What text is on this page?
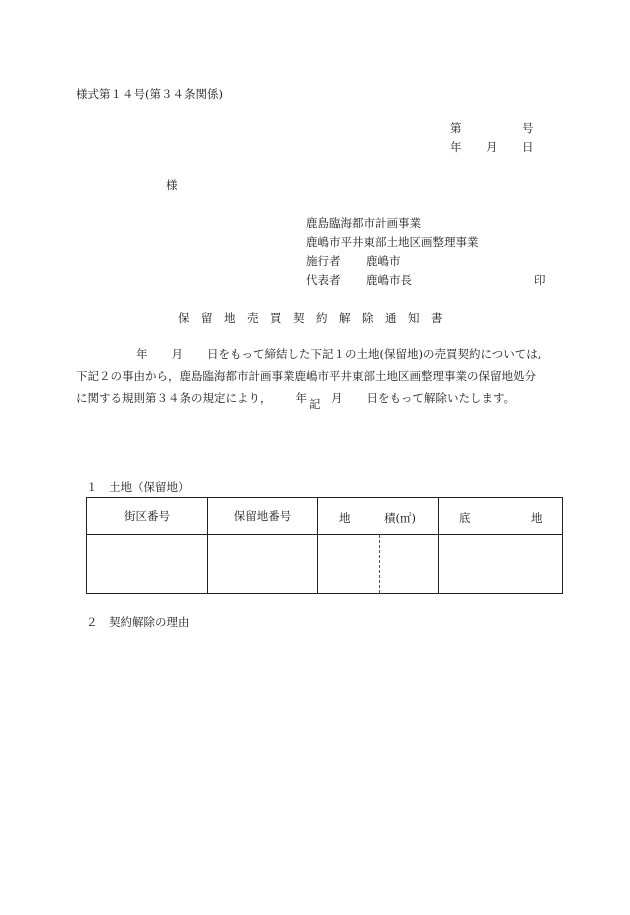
様式第１４号(第３４条関係)
第	号
年 月 日
様
鹿島臨海都市計画事業
鹿嶋市平井東部土地区画整理事業
施行者 鹿嶋市
代表者 鹿嶋市長	印
保　留　地　売　買　契　約　解　除　通　知　書
年 月 日をもって締結した下記１の土地(保留地)の売買契約については,
下記２の事由から，鹿島臨海都市計画事業鹿嶋市平井東部土地区画整理事業の保留地処分
に関する規則第３４条の規定により， 年 月 日をもって解除いたします。
記
１　土地（保留地）
街区番号	保留地番号	地 積(㎡)	底 地

２　契約解除の理由
